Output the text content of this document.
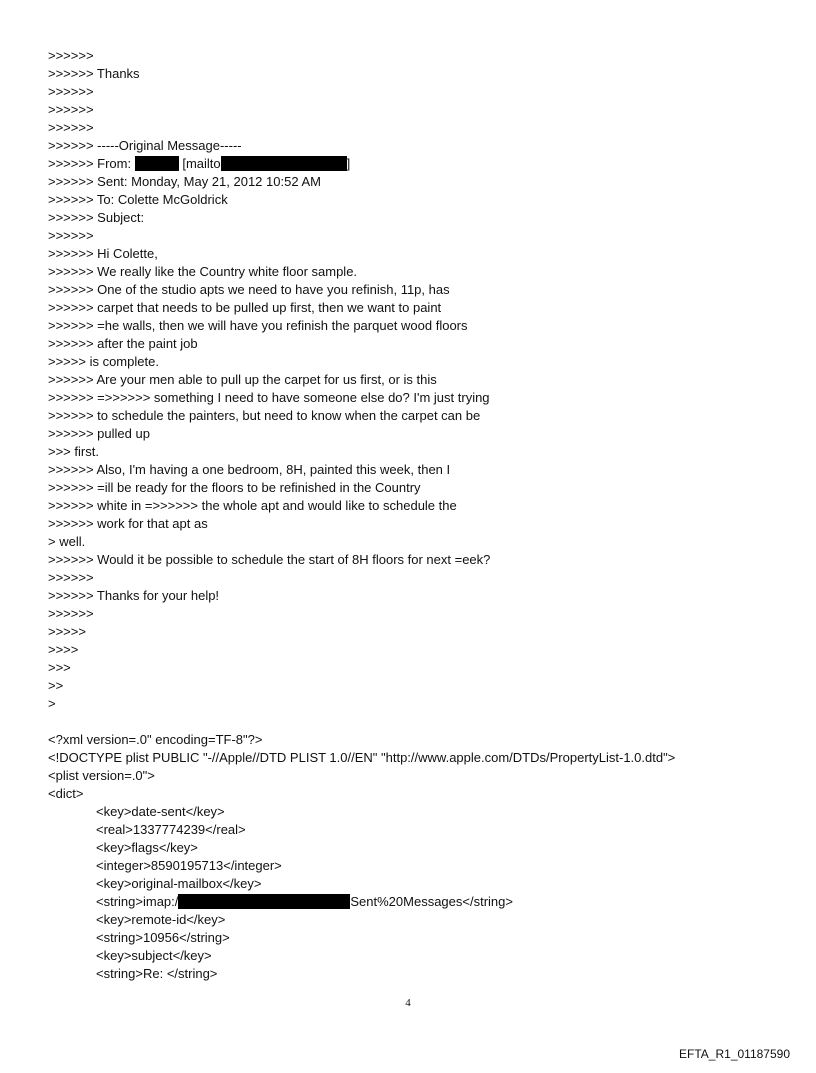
>>>>>>
>>>>>> Thanks
>>>>>>
>>>>>>
>>>>>>
>>>>>> -----Original Message-----
>>>>>> From:	[mailto	]
>>>>>> Sent: Monday, May 21, 2012 10:52 AM
>>>>>> To: Colette McGoldrick
>>>>>> Subject:
>>>>>>
>>>>>> Hi Colette,
>>>>>> We really like the Country white floor sample.
>>>>>> One of the studio apts we need to have you refinish, 11p, has
>>>>>> carpet that needs to be pulled up first, then we want to paint
>>>>>> =he walls, then we will have you refinish the parquet wood floors
>>>>>> after the paint job
>>>>> is complete.
>>>>>> Are your men able to pull up the carpet for us first, or is this
>>>>>> =>>>>>> something I need to have someone else do? I'm just trying
>>>>>> to schedule the painters, but need to know when the carpet can be
>>>>>> pulled up
>>> first.
>>>>>> Also, I'm having a one bedroom, 8H, painted this week, then I
>>>>>> =ill be ready for the floors to be refinished in the Country
>>>>>> white in =>>>>>> the whole apt and would like to schedule the
>>>>>> work for that apt as
> well.
>>>>>> Would it be possible to schedule the start of 8H floors for next =eek?
>>>>>>
>>>>>> Thanks for your help!
>>>>>>
>>>>>
>>>>
>>>
>>
>
<?xml version=.0" encoding=TF-8"?>
<!DOCTYPE plist PUBLIC "-//Apple//DTD PLIST 1.0//EN" "http://www.apple.com/DTDs/PropertyList-1.0.dtd">
<plist version=.0">
<dict>
<key>date-sent</key>
<real>1337774239</real>
<key>flags</key>
<integer>8590195713</integer>
<key>original-mailbox</key>
<string>imap:/	Sent%20Messages</string>
<key>remote-id</key>
<string>10956</string>
<key>subject</key>
<string>Re: </string>
4
EFTA_R1_01187590
